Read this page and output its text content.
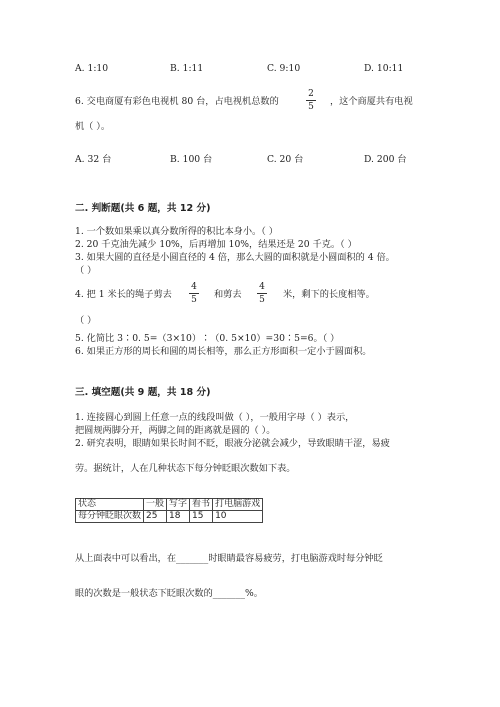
A. 1:10	B. 1:11	C. 9:10	D. 10:11
6. 交电商厦有彩色电视机 80 台，占电视机总数的
2
5	，这个商厦共有电视
机（ ）。
A. 32 台	B. 100 台	C. 20 台	D. 200 台
二. 判断题(共 6 题，共 12 分)
1. 一个数如果乘以真分数所得的积比本身小。（ ）
2. 20 千克油先减少 10%，后再增加 10%，结果还是 20 千克。（ ）
3. 如果大圆的直径是小圆直径的 4 倍，那么大圆的面积就是小圆面积的 4 倍。
（ ）
4. 把 1 米长的绳子剪去
4
5	和剪去
4
5	米，剩下的长度相等。
（ ）
5. 化简比 3∶0. 5=（3×10）∶（0. 5×10）=30∶5=6。（ ）
6. 如果正方形的周长和圆的周长相等，那么正方形面积一定小于圆面积。
三. 填空题(共 9 题，共 18 分)
1. 连接圆心到圆上任意一点的线段叫做（ ），一般用字母（ ）表示，
把圆规两脚分开，两脚之间的距离就是圆的（ ）。
2. 研究表明，眼睛如果长时间不眨，眼液分泌就会减少，导致眼睛干涩，易疲
劳。据统计，人在几种状态下每分钟眨眼次数如下表。
状态	一般	写字	看书	打电脑游戏
每分钟眨眼次数	25	18	15	10
从上面表中可以看出，在_______时眼睛最容易疲劳，打电脑游戏时每分钟眨
眼的次数是一般状态下眨眼次数的_______%。
